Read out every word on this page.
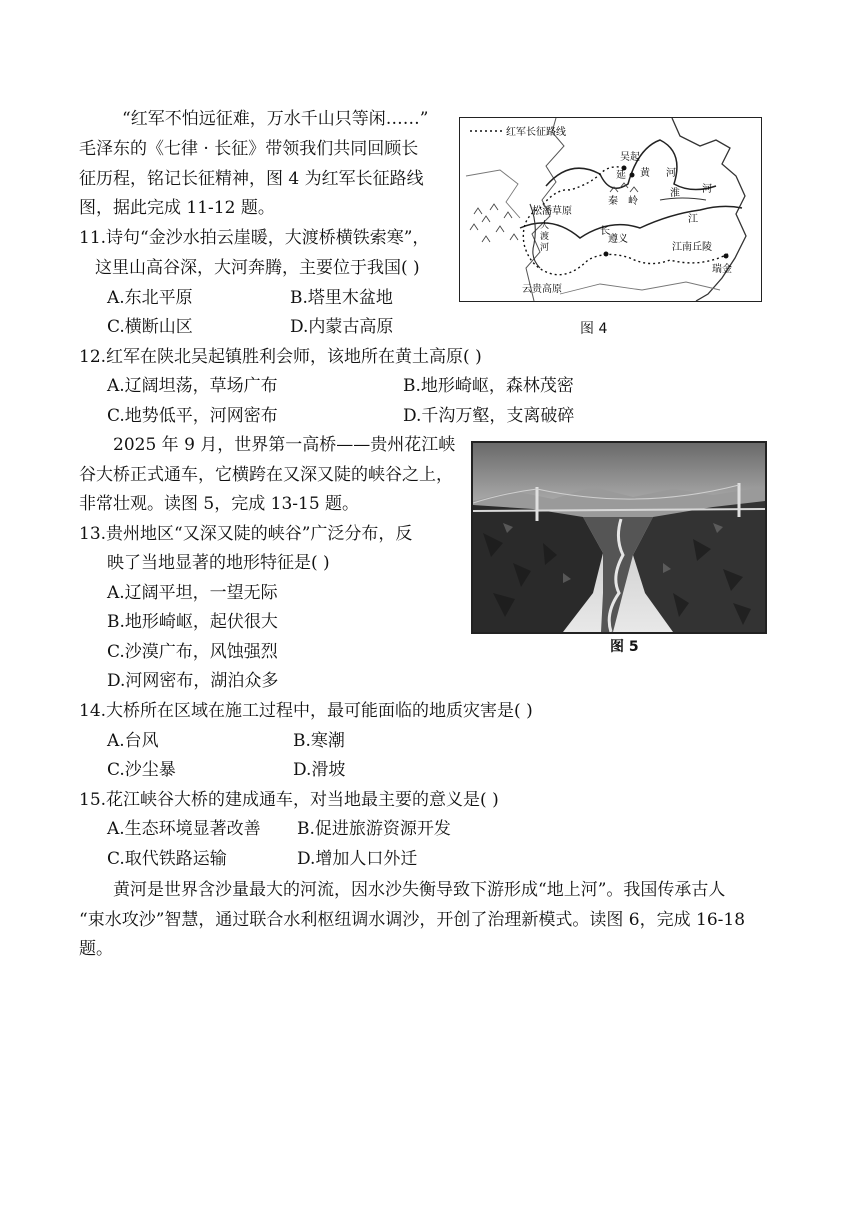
“红军不怕远征难，万水千山只等闲……”
毛泽东的《七律 · 长征》带领我们共同回顾长
征历程，铭记长征精神，图 4 为红军长征路线
图，据此完成 11-12 题。
11.诗句“金沙水拍云崖暖，大渡桥横铁索寒”，
这里山高谷深，大河奔腾，主要位于我国( )
A.东北平原	B.塔里木盆地
C.横断山区	D.内蒙古高原
12.红军在陕北吴起镇胜利会师，该地所在黄土高原( )
A.辽阔坦荡，草场广布	B.地形崎岖，森林茂密
C.地势低平，河网密布	D.千沟万壑，支离破碎
2025 年 9 月，世界第一高桥——贵州花江峡
谷大桥正式通车，它横跨在又深又陡的峡谷之上，
非常壮观。读图 5，完成 13-15 题。
13.贵州地区“又深又陡的峡谷”广泛分布，反
映了当地显著的地形特征是( )
A.辽阔平坦，一望无际
B.地形崎岖，起伏很大
C.沙漠广布，风蚀强烈
D.河网密布，湖泊众多
14.大桥所在区域在施工过程中，最可能面临的地质灾害是( )
A.台风	B.寒潮
C.沙尘暴	D.滑坡
15.花江峡谷大桥的建成通车，对当地最主要的意义是( )
A.生态环境显著改善 B.促进旅游资源开发
C.取代铁路运输	D.增加人口外迁
黄河是世界含沙量最大的河流，因水沙失衡导致下游形成“地上河”。我国传承古人
“束水攻沙”智慧，通过联合水利枢纽调水调沙，开创了治理新模式。读图 6，完成 16-18
题。
红军长征路线
吴起
延 黄 河
秦 岭
淮 河
松潘草原
大
渡
河
长
江
遵义
江南丘陵
瑞金
云贵高原
图 4
图 5
